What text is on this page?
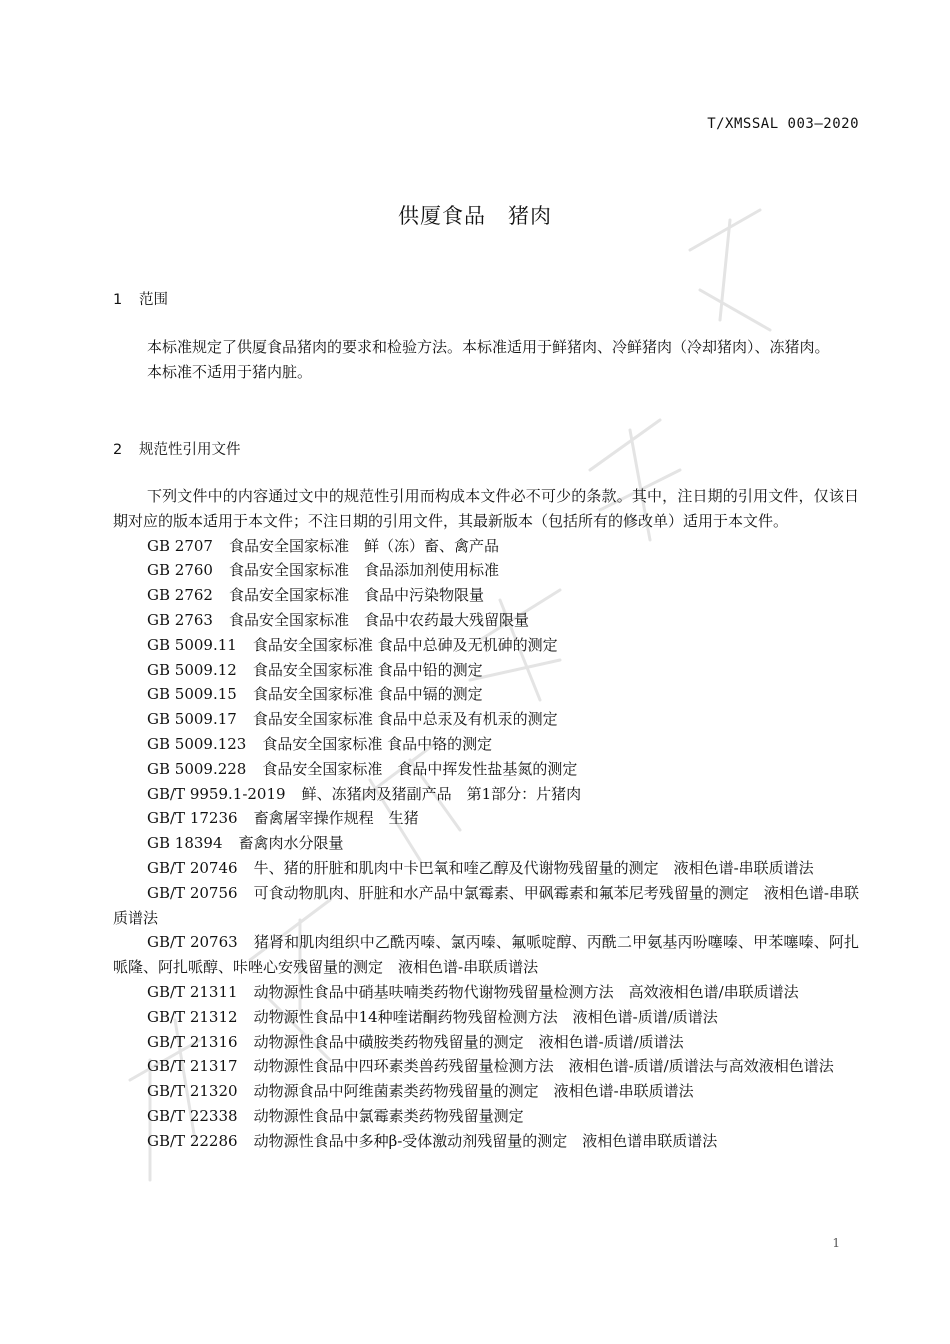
T/XMSSAL 003—2020
供厦食品　猪肉
1 范围

本标准规定了供厦食品猪肉的要求和检验方法。本标准适用于鲜猪肉、冷鲜猪肉（冷却猪肉）、冻猪肉。

本标准不适用于猪内脏。

2 规范性引用文件

下列文件中的内容通过文中的规范性引用而构成本文件必不可少的条款。其中，注日期的引用文件，仅该日期对应的版本适用于本文件；不注日期的引用文件，其最新版本（包括所有的修改单）适用于本文件。

GB 2707 食品安全国家标准　鲜（冻）畜、禽产品

GB 2760 食品安全国家标准　食品添加剂使用标准

GB 2762 食品安全国家标准　食品中污染物限量

GB 2763 食品安全国家标准　食品中农药最大残留限量

GB 5009.11 食品安全国家标准 食品中总砷及无机砷的测定

GB 5009.12 食品安全国家标准 食品中铅的测定

GB 5009.15 食品安全国家标准 食品中镉的测定

GB 5009.17 食品安全国家标准 食品中总汞及有机汞的测定

GB 5009.123 食品安全国家标准 食品中铬的测定

GB 5009.228 食品安全国家标准　食品中挥发性盐基氮的测定

GB/T 9959.1-2019 鲜、冻猪肉及猪副产品　第1部分：片猪肉

GB/T 17236 畜禽屠宰操作规程　生猪

GB 18394 畜禽肉水分限量

GB/T 20746 牛、猪的肝脏和肌肉中卡巴氧和喹乙醇及代谢物残留量的测定　液相色谱-串联质谱法

GB/T 20756 可食动物肌肉、肝脏和水产品中氯霉素、甲砜霉素和氟苯尼考残留量的测定　液相色谱-串联质谱法

GB/T 20763 猪肾和肌肉组织中乙酰丙嗪、氯丙嗪、氟哌啶醇、丙酰二甲氨基丙吩噻嗪、甲苯噻嗪、阿扎哌隆、阿扎哌醇、咔唑心安残留量的测定　液相色谱-串联质谱法

GB/T 21311 动物源性食品中硝基呋喃类药物代谢物残留量检测方法　高效液相色谱/串联质谱法

GB/T 21312 动物源性食品中14种喹诺酮药物残留检测方法　液相色谱-质谱/质谱法

GB/T 21316 动物源性食品中磺胺类药物残留量的测定　液相色谱-质谱/质谱法

GB/T 21317 动物源性食品中四环素类兽药残留量检测方法　液相色谱-质谱/质谱法与高效液相色谱法

GB/T 21320 动物源食品中阿维菌素类药物残留量的测定　液相色谱-串联质谱法

GB/T 22338 动物源性食品中氯霉素类药物残留量测定

GB/T 22286 动物源性食品中多种β-受体激动剂残留量的测定　液相色谱串联质谱法

1
